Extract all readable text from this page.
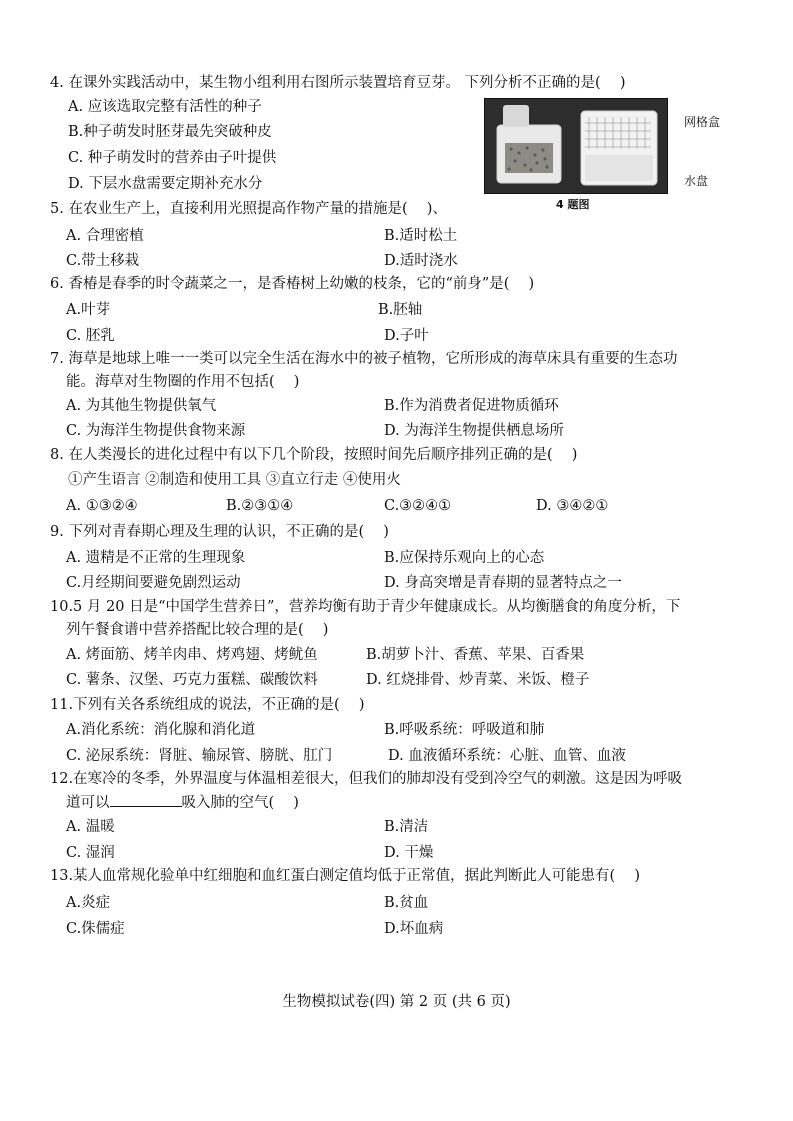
4. 在课外实践活动中，某生物小组利用右图所示装置培育豆芽。 下列分析不正确的是(　 )
A. 应该选取完整有活性的种子
B.种子萌发时胚芽最先突破种皮
C. 种子萌发时的营养由子叶提供
D. 下层水盘需要定期补充水分
网格盒
水盘
4 题图
5. 在农业生产上，直接利用光照提高作物产量的措施是(　 )、
A. 合理密植	B.适时松土
C.带土移栽	D.适时浇水
6. 香椿是春季的时令蔬菜之一，是香椿树上幼嫩的枝条，它的“前身”是(　 )
A.叶芽	B.胚轴
C. 胚乳	D.子叶
7. 海草是地球上唯一一类可以完全生活在海水中的被子植物，它所形成的海草床具有重要的生态功
能。海草对生物圈的作用不包括(　 )
A. 为其他生物提供氧气	B.作为消费者促进物质循环
C. 为海洋生物提供食物来源	D. 为海洋生物提供栖息场所
8. 在人类漫长的进化过程中有以下几个阶段，按照时间先后顺序排列正确的是(　 )
①产生语言 ②制造和使用工具 ③直立行走 ④使用火
A. ①③②④	B.②③①④	C.③②④①	D. ③④②①
9. 下列对青春期心理及生理的认识，不正确的是(　 )
A. 遗精是不正常的生理现象	B.应保持乐观向上的心态
C.月经期间要避免剧烈运动	D. 身高突增是青春期的显著特点之一
10.5 月 20 日是“中国学生营养日”，营养均衡有助于青少年健康成长。从均衡膳食的角度分析，下
列午餐食谱中营养搭配比较合理的是(　 )
A. 烤面筋、烤羊肉串、烤鸡翅、烤鱿鱼	B.胡萝卜汁、香蕉、苹果、百香果
C. 薯条、汉堡、巧克力蛋糕、碳酸饮料	D. 红烧排骨、炒青菜、米饭、橙子
11.下列有关各系统组成的说法，不正确的是(　 )
A.消化系统：消化腺和消化道	B.呼吸系统：呼吸道和肺
C. 泌尿系统：肾脏、输尿管、膀胱、肛门	D. 血液循环系统：心脏、血管、血液
12.在寒冷的冬季，外界温度与体温相差很大，但我们的肺却没有受到冷空气的刺激。这是因为呼吸
道可以	吸入肺的空气(　 )
A. 温暖	B.清洁
C. 湿润	D. 干燥
13.某人血常规化验单中红细胞和血红蛋白测定值均低于正常值，据此判断此人可能患有(　 )
A.炎症	B.贫血
C.侏儒症	D.坏血病
生物模拟试卷(四) 第 2 页 (共 6 页)
